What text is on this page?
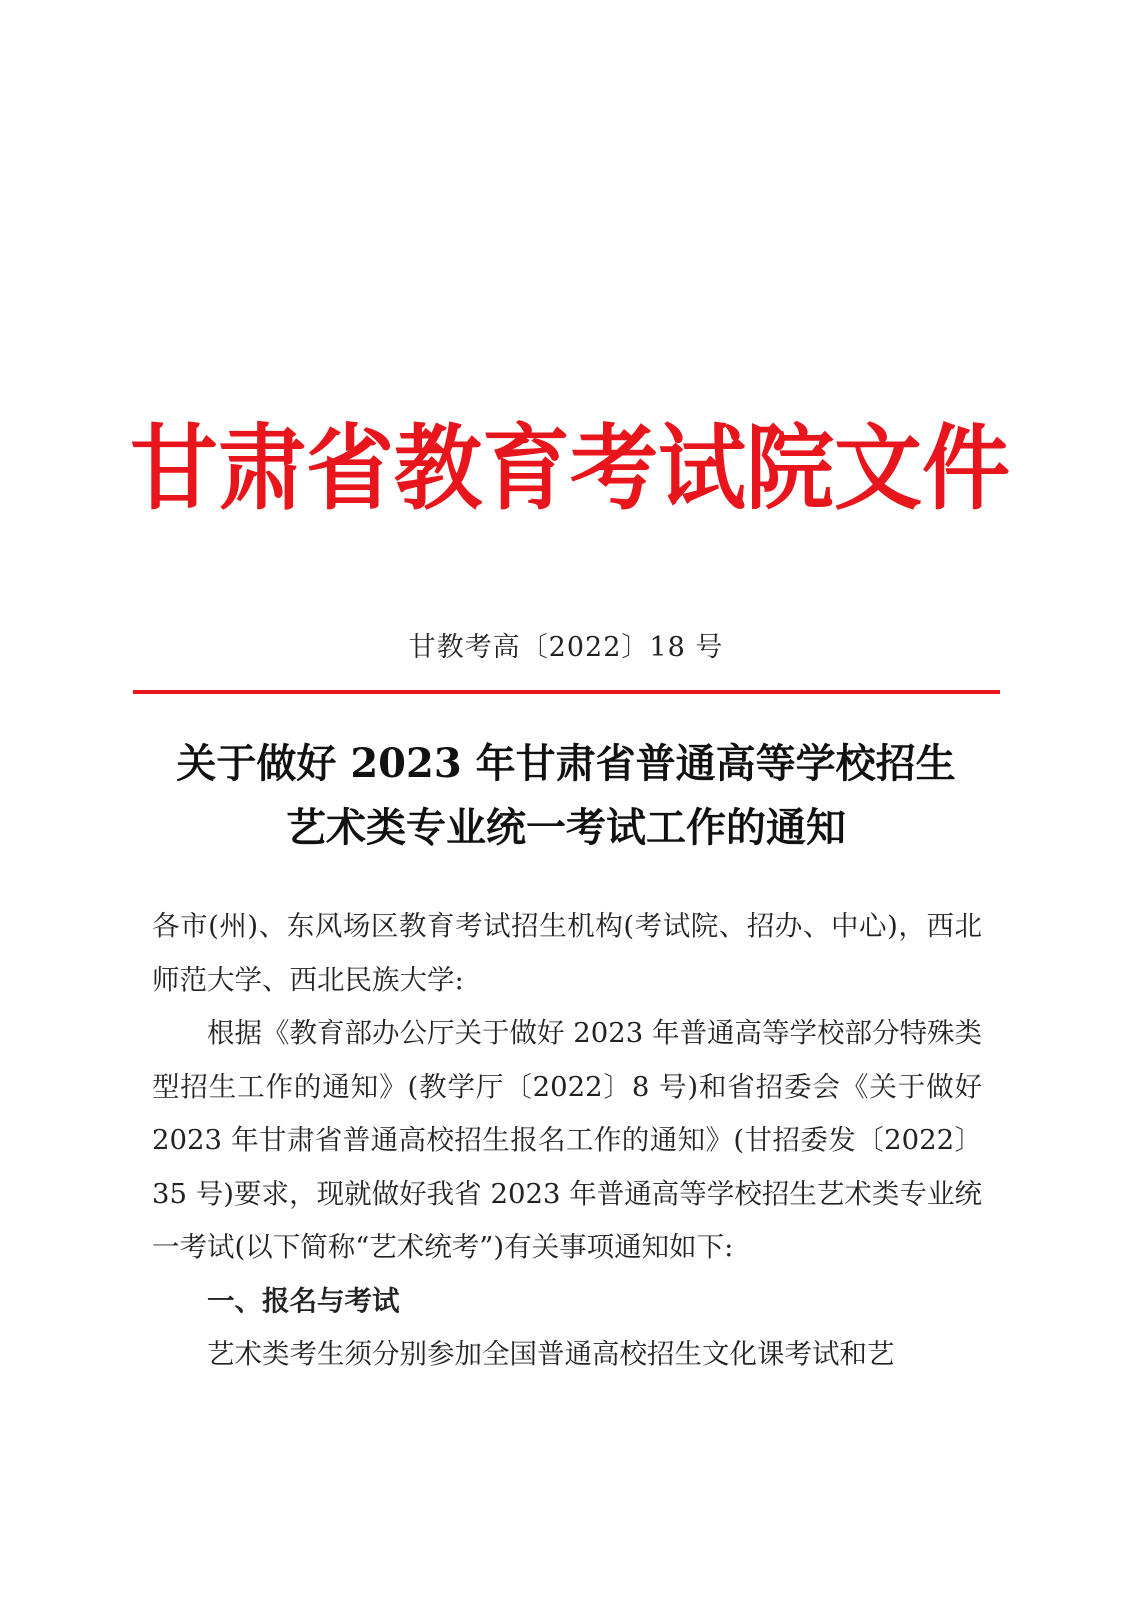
甘肃省教育考试院文件
甘教考高〔2022〕18 号
关于做好 2023 年甘肃省普通高等学校招生
艺术类专业统一考试工作的通知

各市(州)、东风场区教育考试招生机构(考试院、招办、中心)，西北师范大学、西北民族大学:

根据《教育部办公厅关于做好 2023 年普通高等学校部分特殊类型招生工作的通知》(教学厅〔2022〕8 号)和省招委会《关于做好 2023 年甘肃省普通高校招生报名工作的通知》(甘招委发〔2022〕35 号)要求，现就做好我省 2023 年普通高等学校招生艺术类专业统一考试(以下简称“艺术统考”)有关事项通知如下:

一、报名与考试

艺术类考生须分别参加全国普通高校招生文化课考试和艺
